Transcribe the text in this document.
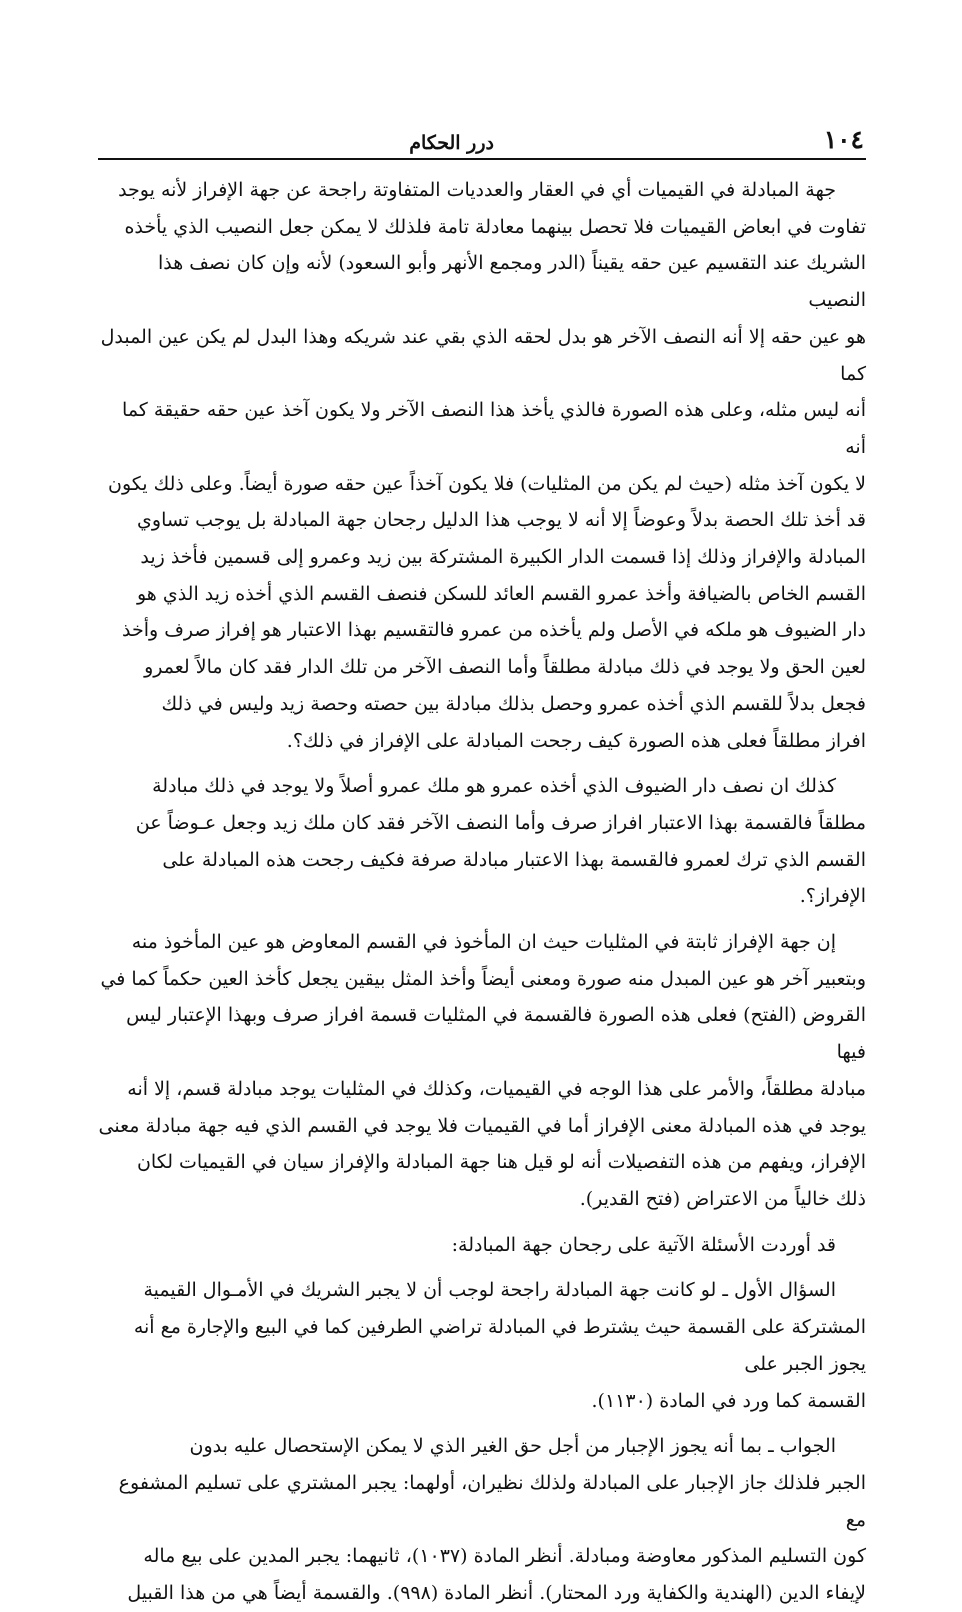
١٠٤
درر الحكام
جهة المبادلة في القيميات أي في العقار والعدديات المتفاوتة راجحة عن جهة الإفراز لأنه يوجد
تفاوت في ابعاض القيميات فلا تحصل بينهما معادلة تامة فلذلك لا يمكن جعل النصيب الذي يأخذه
الشريك عند التقسيم عين حقه يقيناً (الدر ومجمع الأنهر وأبو السعود) لأنه وإن كان نصف هذا النصيب
هو عين حقه إلا أنه النصف الآخر هو بدل لحقه الذي بقي عند شريكه وهذا البدل لم يكن عين المبدل كما
أنه ليس مثله، وعلى هذه الصورة فالذي يأخذ هذا النصف الآخر ولا يكون آخذ عين حقه حقيقة كما أنه
لا يكون آخذ مثله (حيث لم يكن من المثليات) فلا يكون آخذاً عين حقه صورة أيضاً. وعلى ذلك يكون
قد أخذ تلك الحصة بدلاً وعوضاً إلا أنه لا يوجب هذا الدليل رجحان جهة المبادلة بل يوجب تساوي
المبادلة والإفراز وذلك إذا قسمت الدار الكبيرة المشتركة بين زيد وعمرو إلى قسمين فأخذ زيد
القسم الخاص بالضيافة وأخذ عمرو القسم العائد للسكن فنصف القسم الذي أخذه زيد الذي هو
دار الضيوف هو ملكه في الأصل ولم يأخذه من عمرو فالتقسيم بهذا الاعتبار هو إفراز صرف وأخذ
لعين الحق ولا يوجد في ذلك مبادلة مطلقاً وأما النصف الآخر من تلك الدار فقد كان مالاً لعمرو
فجعل بدلاً للقسم الذي أخذه عمرو وحصل بذلك مبادلة بين حصته وحصة زيد وليس في ذلك
افراز مطلقاً فعلى هذه الصورة كيف رجحت المبادلة على الإفراز في ذلك؟.
كذلك ان نصف دار الضيوف الذي أخذه عمرو هو ملك عمرو أصلاً ولا يوجد في ذلك مبادلة
مطلقاً فالقسمة بهذا الاعتبار افراز صرف وأما النصف الآخر فقد كان ملك زيد وجعل عـوضاً عن
القسم الذي ترك لعمرو فالقسمة بهذا الاعتبار مبادلة صرفة فكيف رجحت هذه المبادلة على الإفراز؟.
إن جهة الإفراز ثابتة في المثليات حيث ان المأخوذ في القسم المعاوض هو عين المأخوذ منه
وبتعبير آخر هو عين المبدل منه صورة ومعنى أيضاً وأخذ المثل بيقين يجعل كأخذ العين حكماً كما في
القروض (الفتح) فعلى هذه الصورة فالقسمة في المثليات قسمة افراز صرف وبهذا الإعتبار ليس فيها
مبادلة مطلقاً، والأمر على هذا الوجه في القيميات، وكذلك في المثليات يوجد مبادلة قسم، إلا أنه
يوجد في هذه المبادلة معنى الإفراز أما في القيميات فلا يوجد في القسم الذي فيه جهة مبادلة معنى
الإفراز، ويفهم من هذه التفصيلات أنه لو قيل هنا جهة المبادلة والإفراز سيان في القيميات لكان
ذلك خالياً من الاعتراض (فتح القدير).
قد أوردت الأسئلة الآتية على رجحان جهة المبادلة:
السؤال الأول ـ لو كانت جهة المبادلة راجحة لوجب أن لا يجبر الشريك في الأمـوال القيمية
المشتركة على القسمة حيث يشترط في المبادلة تراضي الطرفين كما في البيع والإجارة مع أنه يجوز الجبر على
القسمة كما ورد في المادة (١١٣٠).
الجواب ـ بما أنه يجوز الإجبار من أجل حق الغير الذي لا يمكن الإستحصال عليه بدون
الجبر فلذلك جاز الإجبار على المبادلة ولذلك نظيران، أولهما: يجبر المشتري على تسليم المشفوع مع
كون التسليم المذكور معاوضة ومبادلة. أنظر المادة (١٠٣٧)، ثانيهما: يجبر المدين على بيع ماله
لإيفاء الدين (الهندية والكفاية ورد المحتار). أنظر المادة (٩٩٨). والقسمة أيضاً هي من هذا القبيل
